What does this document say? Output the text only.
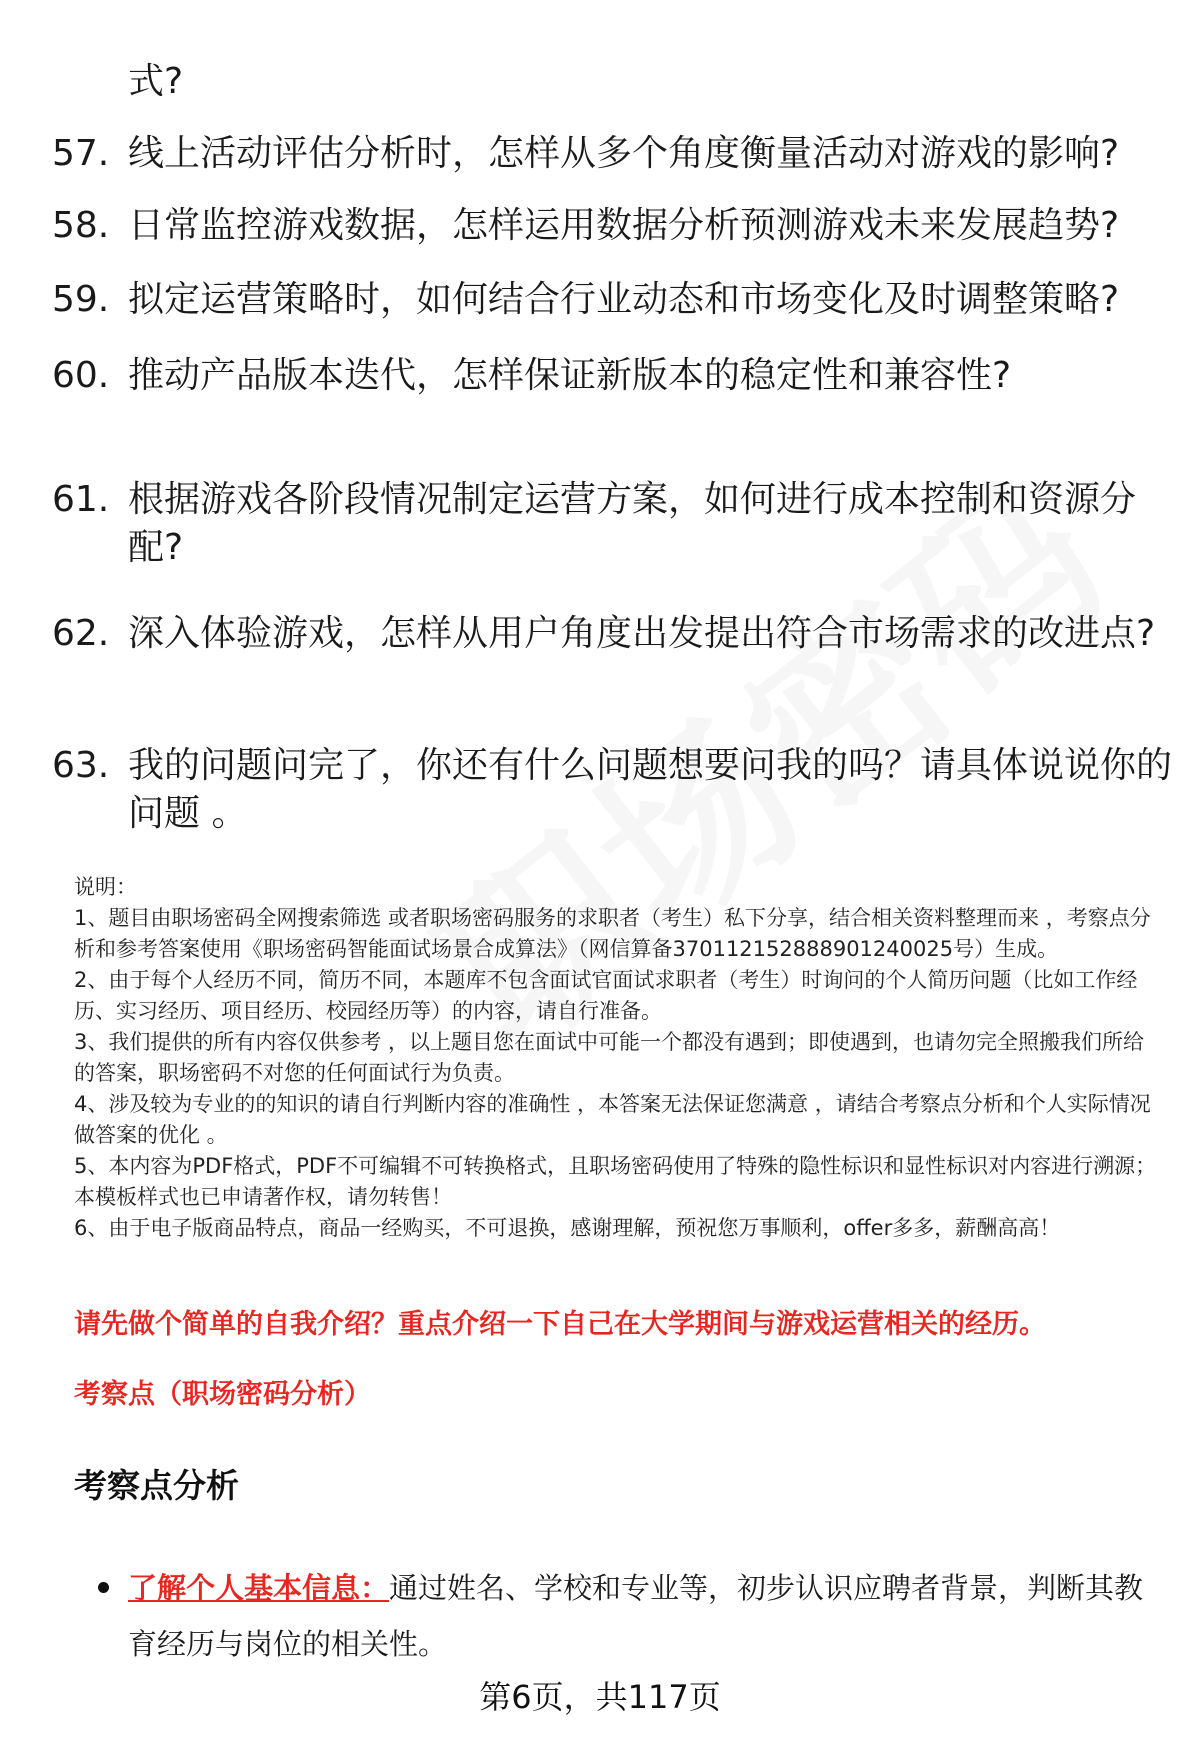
式?
57. 线上活动评估分析时，怎样从多个角度衡量活动对游戏的影响?
58. 日常监控游戏数据，怎样运用数据分析预测游戏未来发展趋势?
59. 拟定运营策略时，如何结合行业动态和市场变化及时调整策略?
60. 推动产品版本迭代，怎样保证新版本的稳定性和兼容性?
61. 根据游戏各阶段情况制定运营方案，如何进行成本控制和资源分配?
62. 深入体验游戏，怎样从用户角度出发提出符合市场需求的改进点?
63. 我的问题问完了，你还有什么问题想要问我的吗？请具体说说你的问题 。

说明：

1、题目由职场密码全网搜索筛选 或者职场密码服务的求职者（考生）私下分享，结合相关资料整理而来 ，考察点分析和参考答案使用《职场密码智能面试场景合成算法》（网信算备370112152888901240025号）生成。

2、由于每个人经历不同，简历不同，本题库不包含面试官面试求职者（考生）时询问的个人简历问题（比如工作经历、实习经历、项目经历、校园经历等）的内容，请自行准备。

3、我们提供的所有内容仅供参考 ，以上题目您在面试中可能一个都没有遇到；即使遇到，也请勿完全照搬我们所给的答案，职场密码不对您的任何面试行为负责。

4、涉及较为专业的的知识的请自行判断内容的准确性 ，本答案无法保证您满意 ，请结合考察点分析和个人实际情况做答案的优化 。

5、本内容为PDF格式，PDF不可编辑不可转换格式，且职场密码使用了特殊的隐性标识和显性标识对内容进行溯源；本模板样式也已申请著作权，请勿转售！

6、由于电子版商品特点，商品一经购买，不可退换，感谢理解，预祝您万事顺利，offer多多，薪酬高高！

请先做个简单的自我介绍？重点介绍一下自己在大学期间与游戏运营相关的经历。
考察点（职场密码分析）
考察点分析
了解个人基本信息：通过姓名、学校和专业等，初步认识应聘者背景，判断其教育经历与岗位的相关性。
第6页，共117页
